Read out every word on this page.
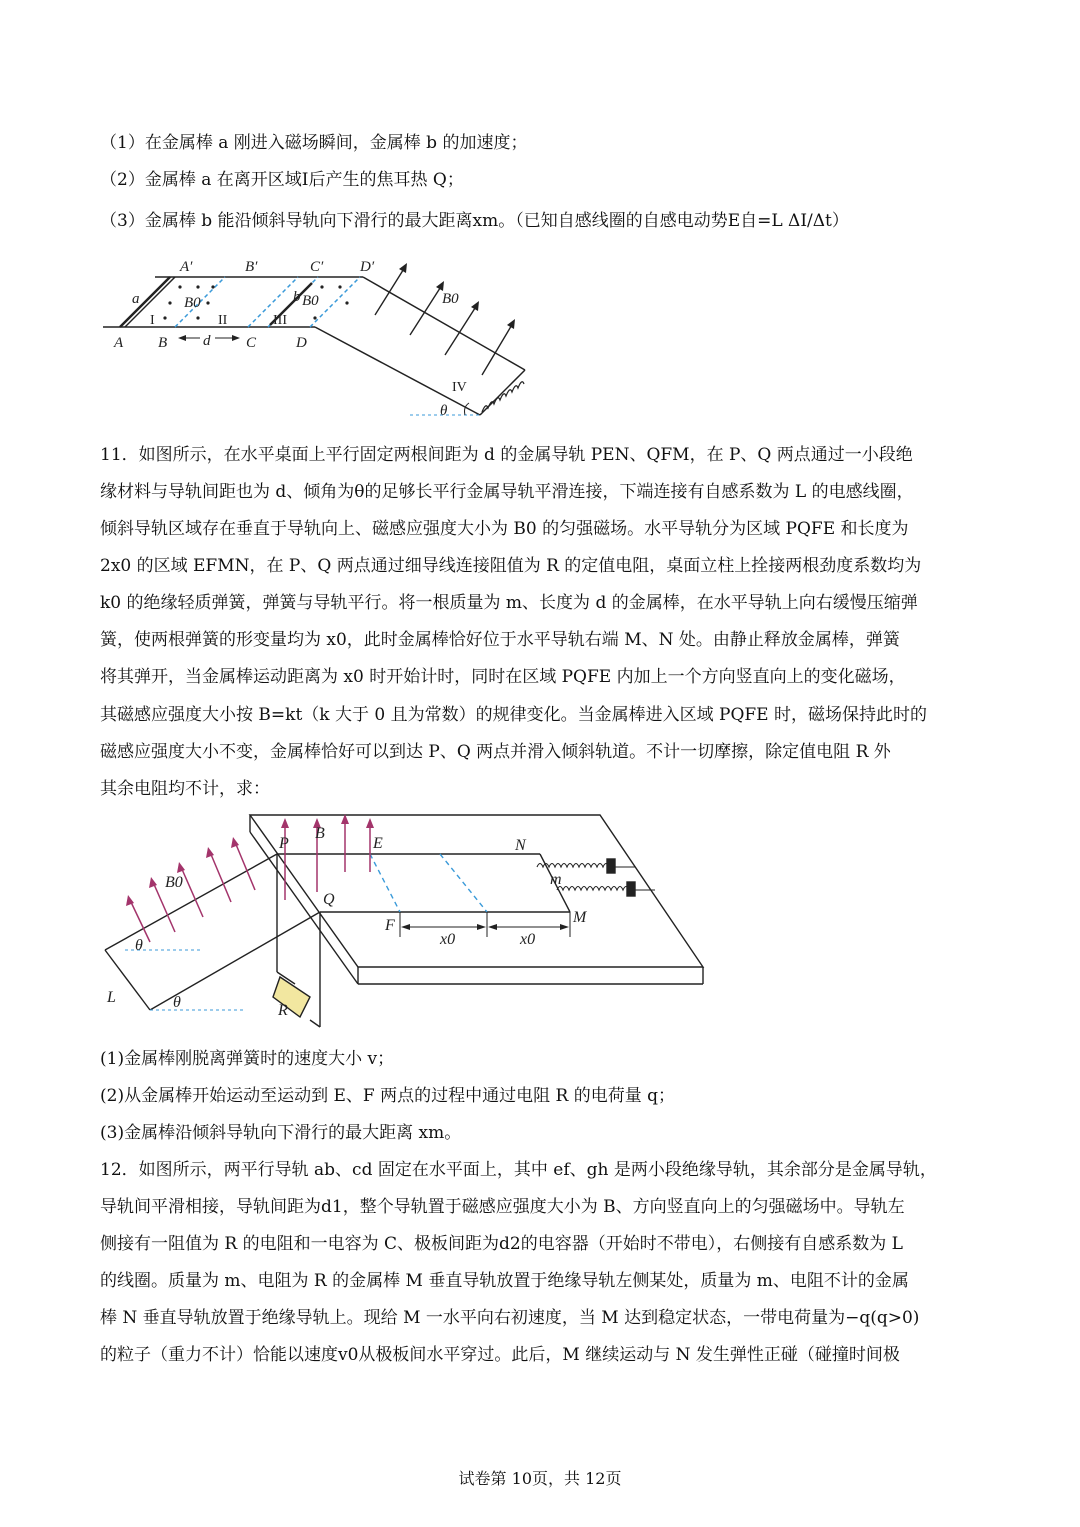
（1）在金属棒 a 刚进入磁场瞬间，金属棒 b 的加速度；
（2）金属棒 a 在离开区域Ⅰ后产生的焦耳热 Q；
（3）金属棒 b 能沿倾斜导轨向下滑行的最大距离xm。（已知自感线圈的自感电动势E自=L ΔI/Δt）
A′	B′	C′ D′
a	b
B0	B0	B0
A B d C	D
θ
I	II	III
IV
11．如图所示，在水平桌面上平行固定两根间距为 d 的金属导轨 PEN、QFM，在 P、Q 两点通过一小段绝
缘材料与导轨间距也为 d、倾角为θ的足够长平行金属导轨平滑连接，下端连接有自感系数为 L 的电感线圈，
倾斜导轨区域存在垂直于导轨向上、磁感应强度大小为 B0 的匀强磁场。水平导轨分为区域 PQFE 和长度为
2x0 的区域 EFMN，在 P、Q 两点通过细导线连接阻值为 R 的定值电阻，桌面立柱上拴接两根劲度系数均为
k0 的绝缘轻质弹簧，弹簧与导轨平行。将一根质量为 m、长度为 d 的金属棒，在水平导轨上向右缓慢压缩弹
簧，使两根弹簧的形变量均为 x0，此时金属棒恰好位于水平导轨右端 M、N 处。由静止释放金属棒，弹簧
将其弹开，当金属棒运动距离为 x0 时开始计时，同时在区域 PQFE 内加上一个方向竖直向上的变化磁场，
其磁感应强度大小按 B=kt（k 大于 0 且为常数）的规律变化。当金属棒进入区域 PQFE 时，磁场保持此时的
磁感应强度大小不变，金属棒恰好可以到达 P、Q 两点并滑入倾斜轨道。不计一切摩擦，除定值电阻 R 外
其余电阻均不计，求：
P
B
E	N
m
B0
Q
F
x0	x0
M
θ
θ
L
R
(1)金属棒刚脱离弹簧时的速度大小 v；
(2)从金属棒开始运动至运动到 E、F 两点的过程中通过电阻 R 的电荷量 q；
(3)金属棒沿倾斜导轨向下滑行的最大距离 xm。
12．如图所示，两平行导轨 ab、cd 固定在水平面上，其中 ef、gh 是两小段绝缘导轨，其余部分是金属导轨，
导轨间平滑相接，导轨间距为d1，整个导轨置于磁感应强度大小为 B、方向竖直向上的匀强磁场中。导轨左
侧接有一阻值为 R 的电阻和一电容为 C、极板间距为d2的电容器（开始时不带电），右侧接有自感系数为 L
的线圈。质量为 m、电阻为 R 的金属棒 M 垂直导轨放置于绝缘导轨左侧某处，质量为 m、电阻不计的金属
棒 N 垂直导轨放置于绝缘导轨上。现给 M 一水平向右初速度，当 M 达到稳定状态，一带电荷量为−q(q>0)
的粒子（重力不计）恰能以速度v0从极板间水平穿过。此后，M 继续运动与 N 发生弹性正碰（碰撞时间极
试卷第 10页，共 12页
